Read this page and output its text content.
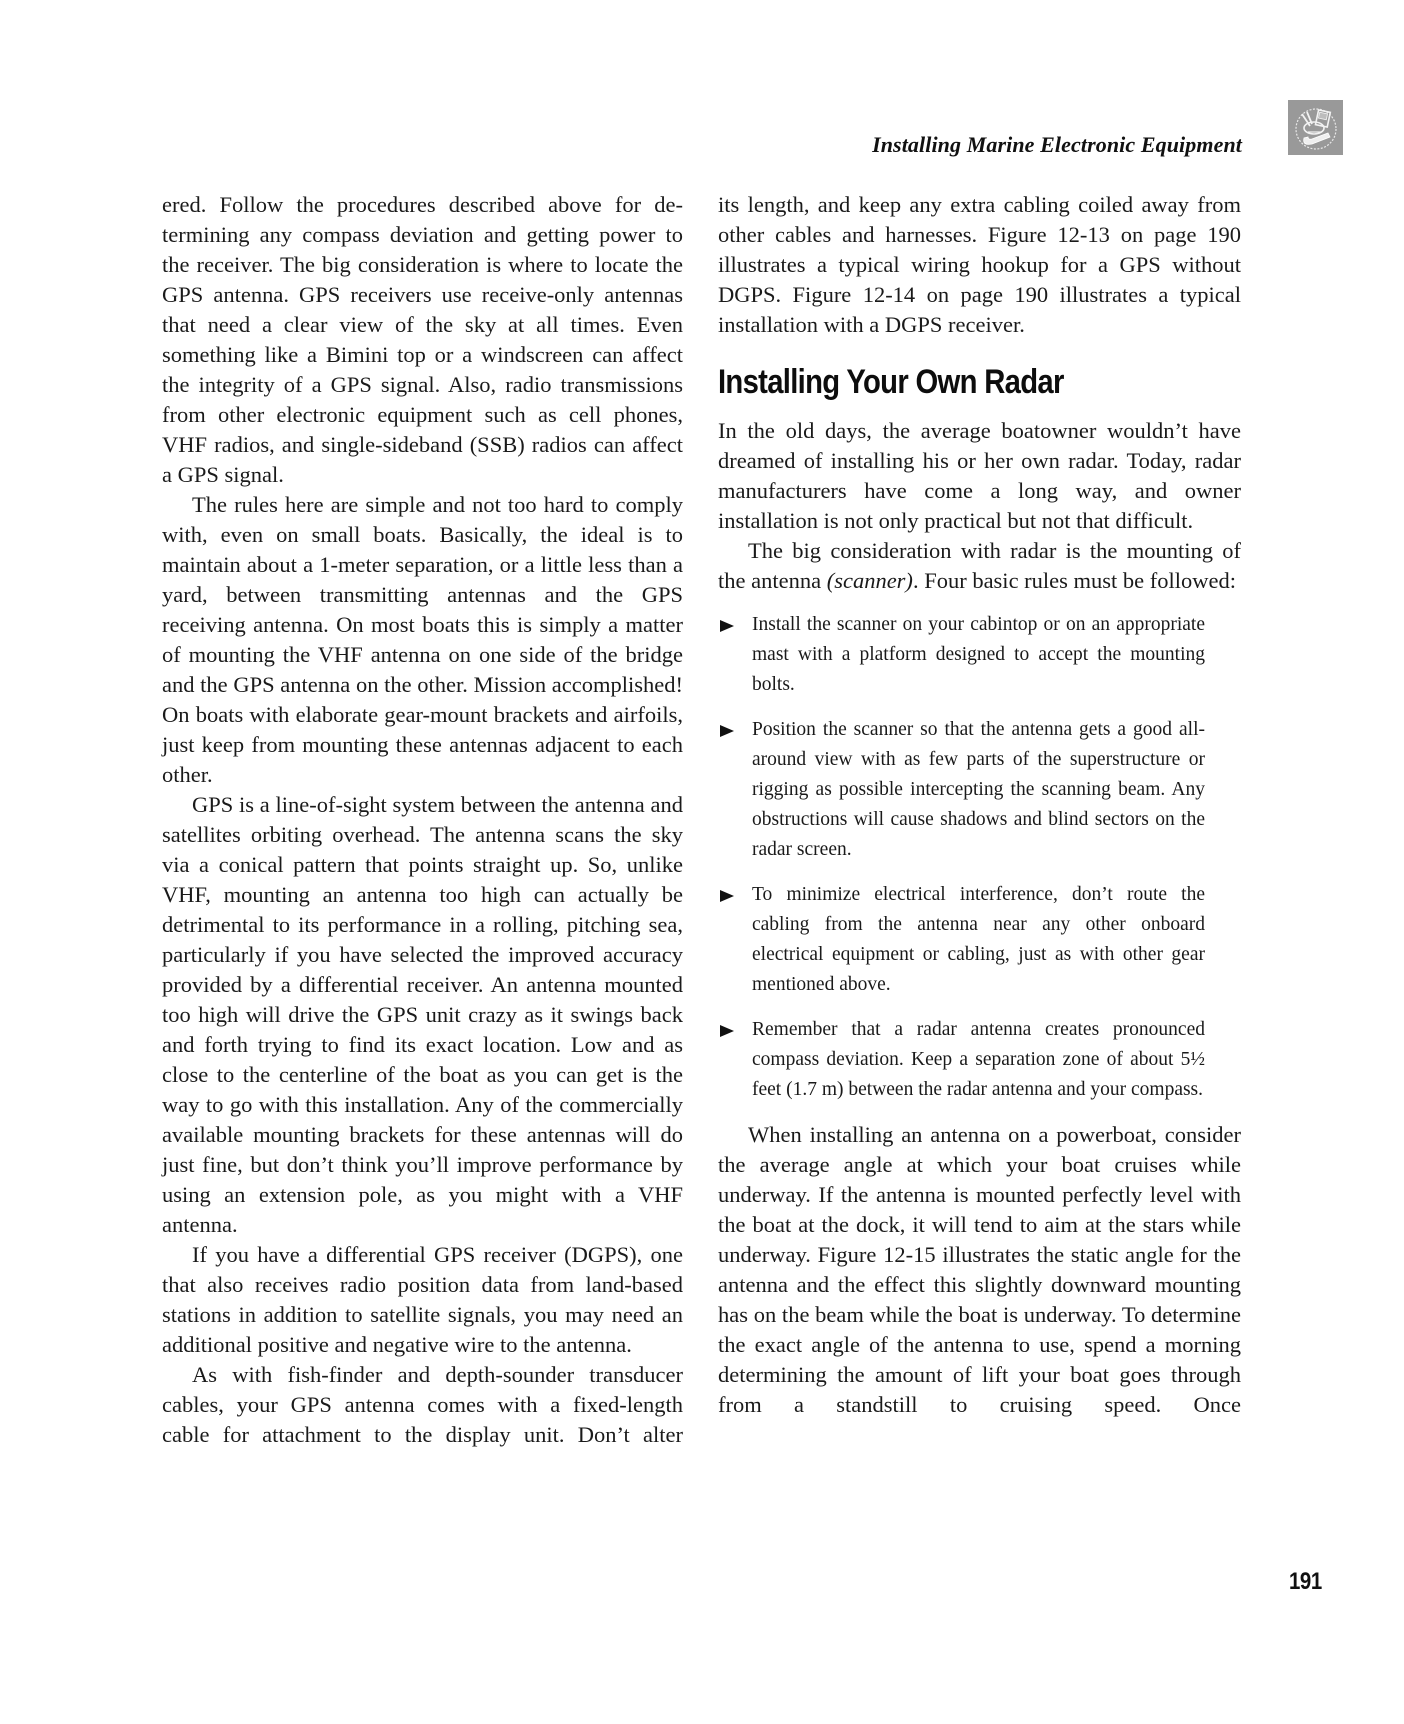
Installing Marine Electronic Equipment

ered. Follow the procedures described above for determining any compass deviation and getting power to the receiver. The big consideration is where to locate the GPS antenna. GPS receivers use receive-only antennas that need a clear view of the sky at all times. Even something like a Bimini top or a windscreen can affect the integrity of a GPS signal. Also, radio transmissions from other electronic equipment such as cell phones, VHF radios, and single-sideband (SSB) radios can affect a GPS signal.

The rules here are simple and not too hard to comply with, even on small boats. Basically, the ideal is to maintain about a 1-meter separation, or a little less than a yard, between transmitting antennas and the GPS receiving antenna. On most boats this is simply a matter of mounting the VHF antenna on one side of the bridge and the GPS antenna on the other. Mission accomplished! On boats with elaborate gear-mount brackets and airfoils, just keep from mounting these antennas adjacent to each other.

GPS is a line-of-sight system between the antenna and satellites orbiting overhead. The antenna scans the sky via a conical pattern that points straight up. So, unlike VHF, mounting an antenna too high can actually be detrimental to its performance in a rolling, pitching sea, particularly if you have selected the improved accuracy provided by a differential receiver. An antenna mounted too high will drive the GPS unit crazy as it swings back and forth trying to find its exact location. Low and as close to the centerline of the boat as you can get is the way to go with this installation. Any of the commercially available mounting brackets for these antennas will do just fine, but don’t think you’ll improve performance by using an extension pole, as you might with a VHF antenna.

If you have a differential GPS receiver (DGPS), one that also receives radio position data from land-based stations in addition to satellite signals, you may need an additional positive and negative wire to the antenna.

As with fish-finder and depth-sounder transducer cables, your GPS antenna comes with a fixed-length cable for attachment to the display unit. Don’t alter

its length, and keep any extra cabling coiled away from other cables and harnesses. Figure 12-13 on page 190 illustrates a typical wiring hookup for a GPS without DGPS. Figure 12-14 on page 190 illustrates a typical installation with a DGPS receiver.

Installing Your Own Radar

In the old days, the average boatowner wouldn’t have dreamed of installing his or her own radar. Today, radar manufacturers have come a long way, and owner installation is not only practical but not that difficult.

The big consideration with radar is the mounting of the antenna (scanner). Four basic rules must be followed:

Install the scanner on your cabintop or on an appropriate mast with a platform designed to accept the mounting bolts.
Position the scanner so that the antenna gets a good all-around view with as few parts of the superstructure or rigging as possible intercepting the scanning beam. Any obstructions will cause shadows and blind sectors on the radar screen.
To minimize electrical interference, don’t route the cabling from the antenna near any other onboard electrical equipment or cabling, just as with other gear mentioned above.
Remember that a radar antenna creates pronounced compass deviation. Keep a separation zone of about 5½ feet (1.7 m) between the radar antenna and your compass.

When installing an antenna on a powerboat, consider the average angle at which your boat cruises while underway. If the antenna is mounted perfectly level with the boat at the dock, it will tend to aim at the stars while underway. Figure 12-15 illustrates the static angle for the antenna and the effect this slightly downward mounting has on the beam while the boat is underway. To determine the exact angle of the antenna to use, spend a morning determining the amount of lift your boat goes through from a standstill to cruising speed. Once

191
